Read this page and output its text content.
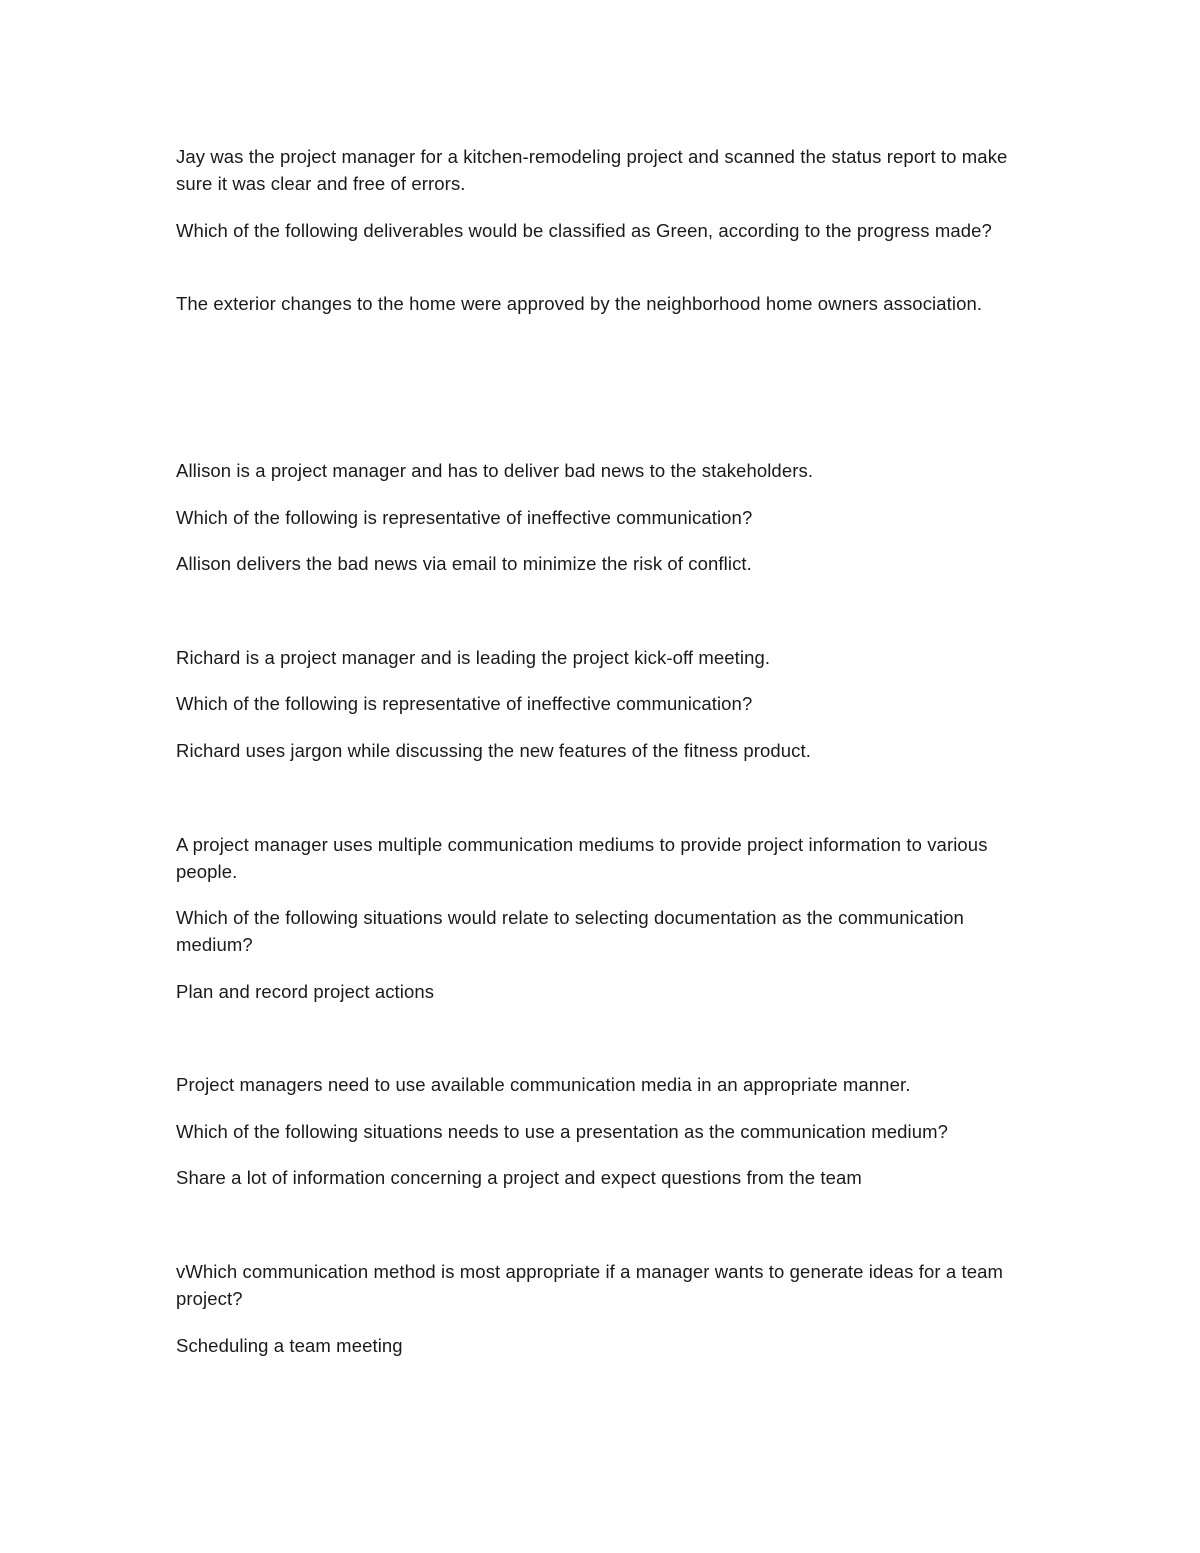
Jay was the project manager for a kitchen-remodeling project and scanned the status report to make sure it was clear and free of errors.

Which of the following deliverables would be classified as Green, according to the progress made?

The exterior changes to the home were approved by the neighborhood home owners association.

Allison is a project manager and has to deliver bad news to the stakeholders.

Which of the following is representative of ineffective communication?

Allison delivers the bad news via email to minimize the risk of conflict.

Richard is a project manager and is leading the project kick-off meeting.

Which of the following is representative of ineffective communication?

Richard uses jargon while discussing the new features of the fitness product.

A project manager uses multiple communication mediums to provide project information to various people.

Which of the following situations would relate to selecting documentation as the communication medium?

Plan and record project actions

Project managers need to use available communication media in an appropriate manner.

Which of the following situations needs to use a presentation as the communication medium?

Share a lot of information concerning a project and expect questions from the team

vWhich communication method is most appropriate if a manager wants to generate ideas for a team project?

Scheduling a team meeting
